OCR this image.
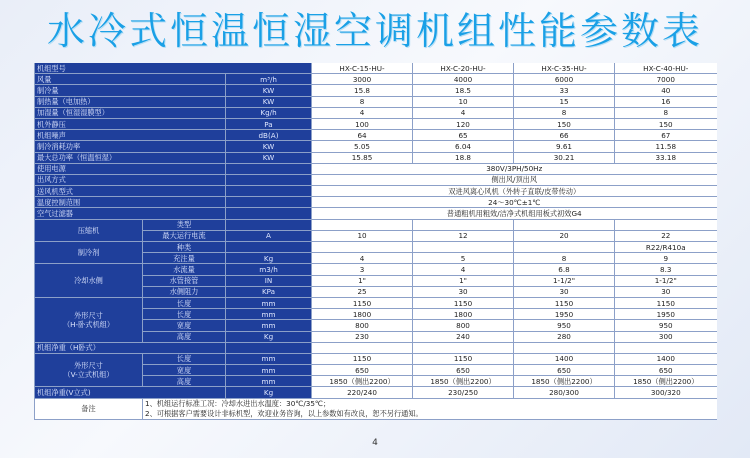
水冷式恒温恒湿空调机组性能参数表
机组型号			HX-C-15-HU-	HX-C-20-HU-	HX-C-35-HU-	HX-C-40-HU-
风量		m³/h	3000	4000	6000	7000
制冷量		KW	15.8	18.5	33	40
制热量（电加热）		KW	8	10	15	16
加湿量（恒湿湿膜型）		Kg/h	4	4	8	8
机外静压		Pa	100	120	150	150
机组噪声		dB(A)	64	65	66	67
制冷消耗功率		KW	5.05	6.04	9.61	11.58
最大总功率（恒温恒湿）		KW	15.85	18.8	30.21	33.18
使用电源			380V/3PH/50Hz			
出风方式			侧出风/顶出风			
送风机型式			双进风离心风机（外转子直联/皮带传动）			
温度控制范围			24～30℃±1℃			
空气过滤器			普通粗机用粗效/洁净式机组用板式初效G4			
压缩机	类型					
	最大运行电流	A	10	12	20	22
制冷剂	种类					R22/R410a
	充注量	Kg	4	5	8	9
冷却水侧	水流量	m3/h	3	4	6.8	8.3
	水管接管	IN	1"	1"	1-1/2"	1-1/2"
	水侧阻力	KPa	25	30	30	30
外形尺寸
（H-卧式机组）	长度	mm	1150	1150	1150	1150
	长度	mm	1800	1800	1950	1950
	宽度	mm	800	800	950	950
	高度	Kg	230	240	280	300
机组净重（H卧式）						
外形尺寸
（V-立式机组）	长度	mm	1150	1150	1400	1400
	宽度	mm	650	650	650	650
	高度	mm	1850（侧出2200）	1850（侧出2200）	1850（侧出2200）	1850（侧出2200）
机组净重(V立式)		Kg	220/240	230/250	280/300	300/320
备注	1、机组运行标准工况：冷却水进出水温度：30℃/35℃；
2、可根据客户需要设计非标机型，欢迎业务咨询，以上参数如有改良，恕不另行通知。					
4
